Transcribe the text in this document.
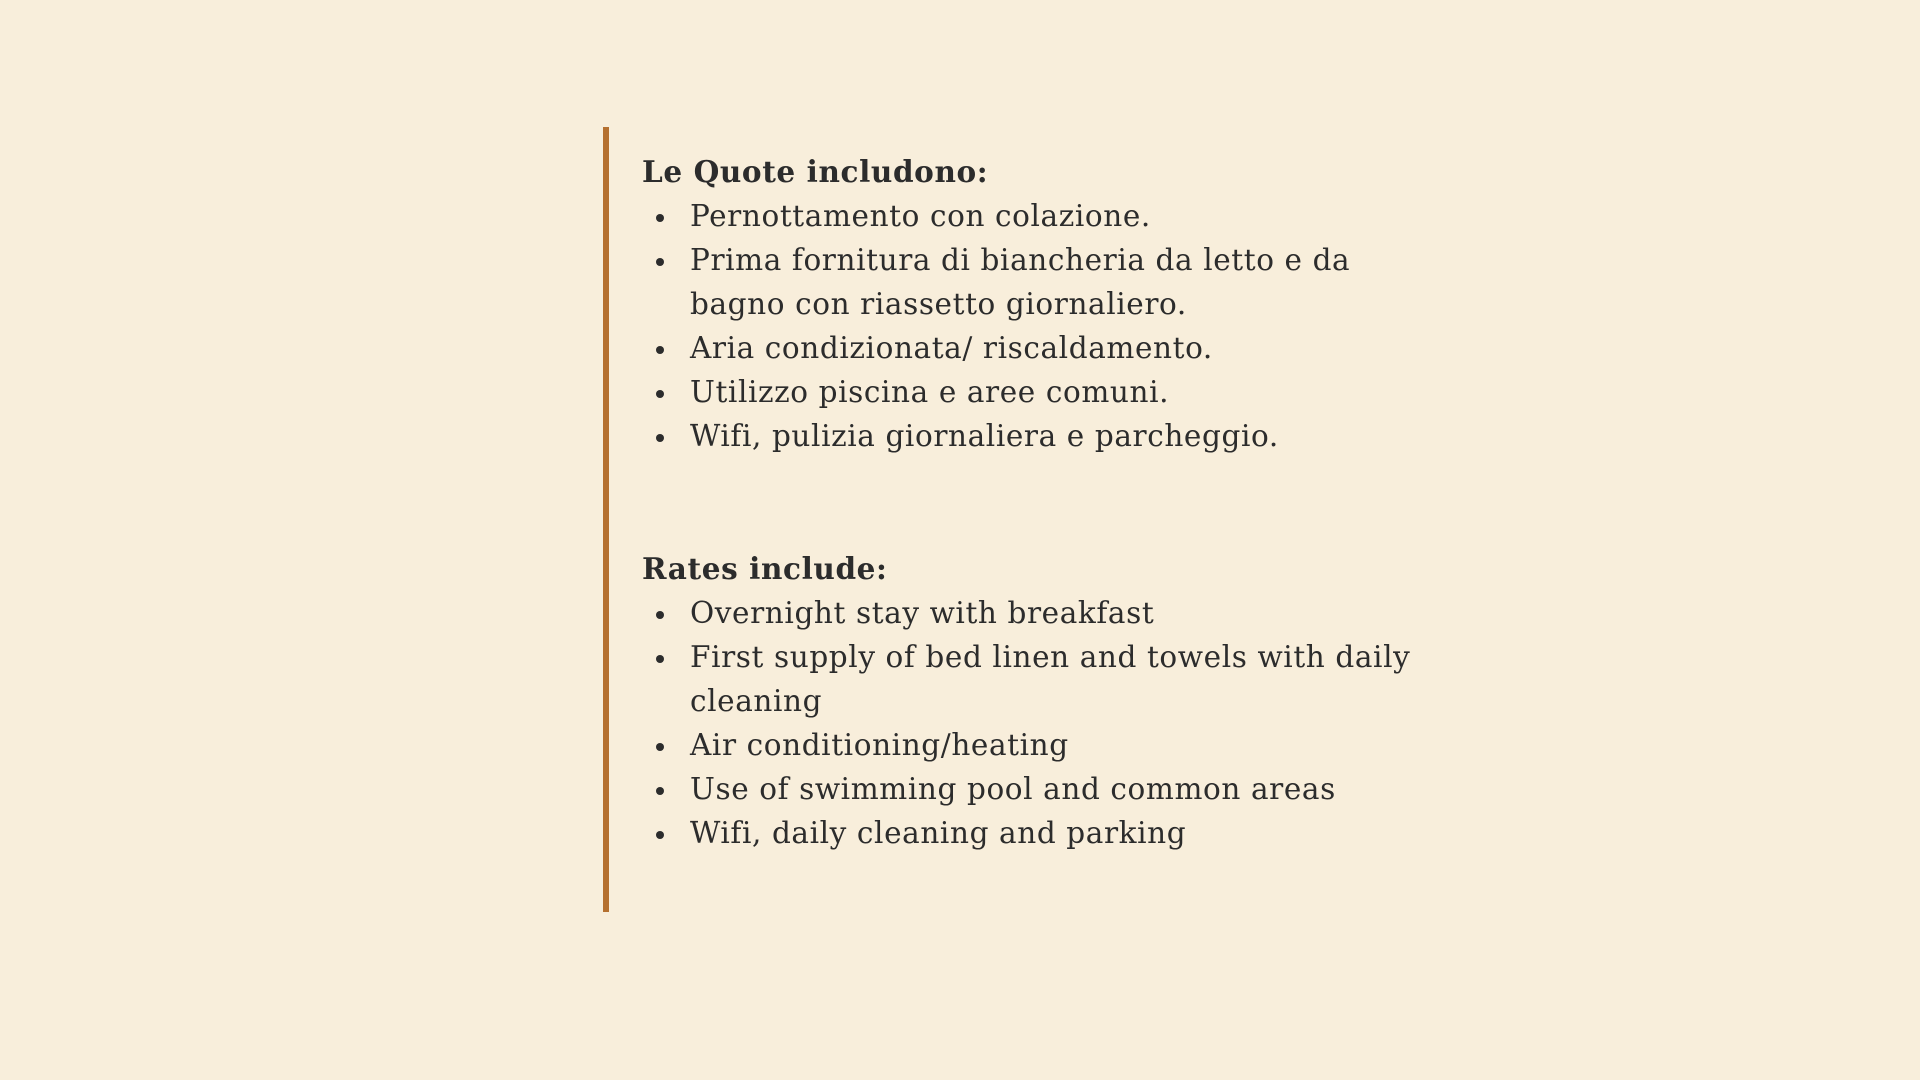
Le Quote includono:

Pernottamento con colazione.
Prima fornitura di biancheria da letto e da bagno con riassetto giornaliero.
Aria condizionata/ riscaldamento.
Utilizzo piscina e aree comuni.
Wifi, pulizia giornaliera e parcheggio.

Rates include:

Overnight stay with breakfast
First supply of bed linen and towels with daily cleaning
Air conditioning/heating
Use of swimming pool and common areas
Wifi, daily cleaning and parking
